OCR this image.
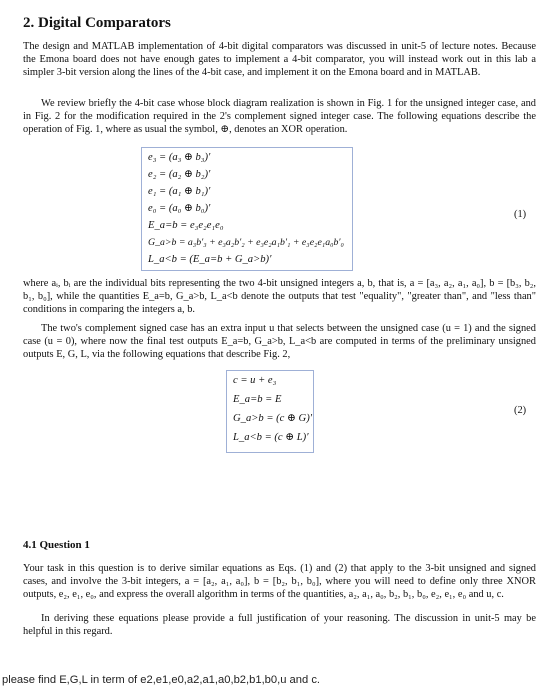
2. Digital Comparators

The design and MATLAB implementation of 4-bit digital comparators was discussed in unit-5 of lecture notes. Because the Emona board does not have enough gates to implement a 4-bit comparator, you will instead work out in this lab a simpler 3-bit version along the lines of the 4-bit case, and implement it on the Emona board and in MATLAB.

We review briefly the 4-bit case whose block diagram realization is shown in Fig. 1 for the unsigned integer case, and in Fig. 2 for the modification required in the 2's complement signed integer case. The following equations describe the operation of Fig. 1, where as usual the symbol, ⊕, denotes an XOR operation.

e₃ = (a₃ ⊕ b₃)′
e₂ = (a₂ ⊕ b₂)′
e₁ = (a₁ ⊕ b₁)′
e₀ = (a₀ ⊕ b₀)′
E_a=b = e₃e₂e₁e₀
G_a>b = a₃b′₃ + e₃a₂b′₂ + e₃e₂a₁b′₁ + e₃e₂e₁a₀b′₀
L_a<b = (E_a=b + G_a>b)′
(1)

where aᵢ, bᵢ are the individual bits representing the two 4-bit unsigned integers a, b, that is, a = [a₃, a₂, a₁, a₀], b = [b₃, b₂, b₁, b₀], while the quantities E_a=b, G_a>b, L_a<b denote the outputs that test "equality", "greater than", and "less than" conditions in comparing the integers a, b.

The two's complement signed case has an extra input u that selects between the unsigned case (u = 1) and the signed case (u = 0), where now the final test outputs E_a=b, G_a>b, L_a<b are computed in terms of the preliminary unsigned outputs E, G, L, via the following equations that describe Fig. 2,

c = u + e₃
E_a=b = E
G_a>b = (c ⊕ G)′
L_a<b = (c ⊕ L)′
(2)
4.1 Question 1

Your task in this question is to derive similar equations as Eqs. (1) and (2) that apply to the 3-bit unsigned and signed cases, and involve the 3-bit integers, a = [a₂, a₁, a₀], b = [b₂, b₁, b₀], where you will need to define only three XNOR outputs, e₂, e₁, e₀, and express the overall algorithm in terms of the quantities, a₂, a₁, a₀, b₂, b₁, b₀, e₂, e₁, e₀ and u, c.

In deriving these equations please provide a full justification of your reasoning. The discussion in unit-5 may be helpful in this regard.

please find E,G,L in term of e2,e1,e0,a2,a1,a0,b2,b1,b0,u and c.
